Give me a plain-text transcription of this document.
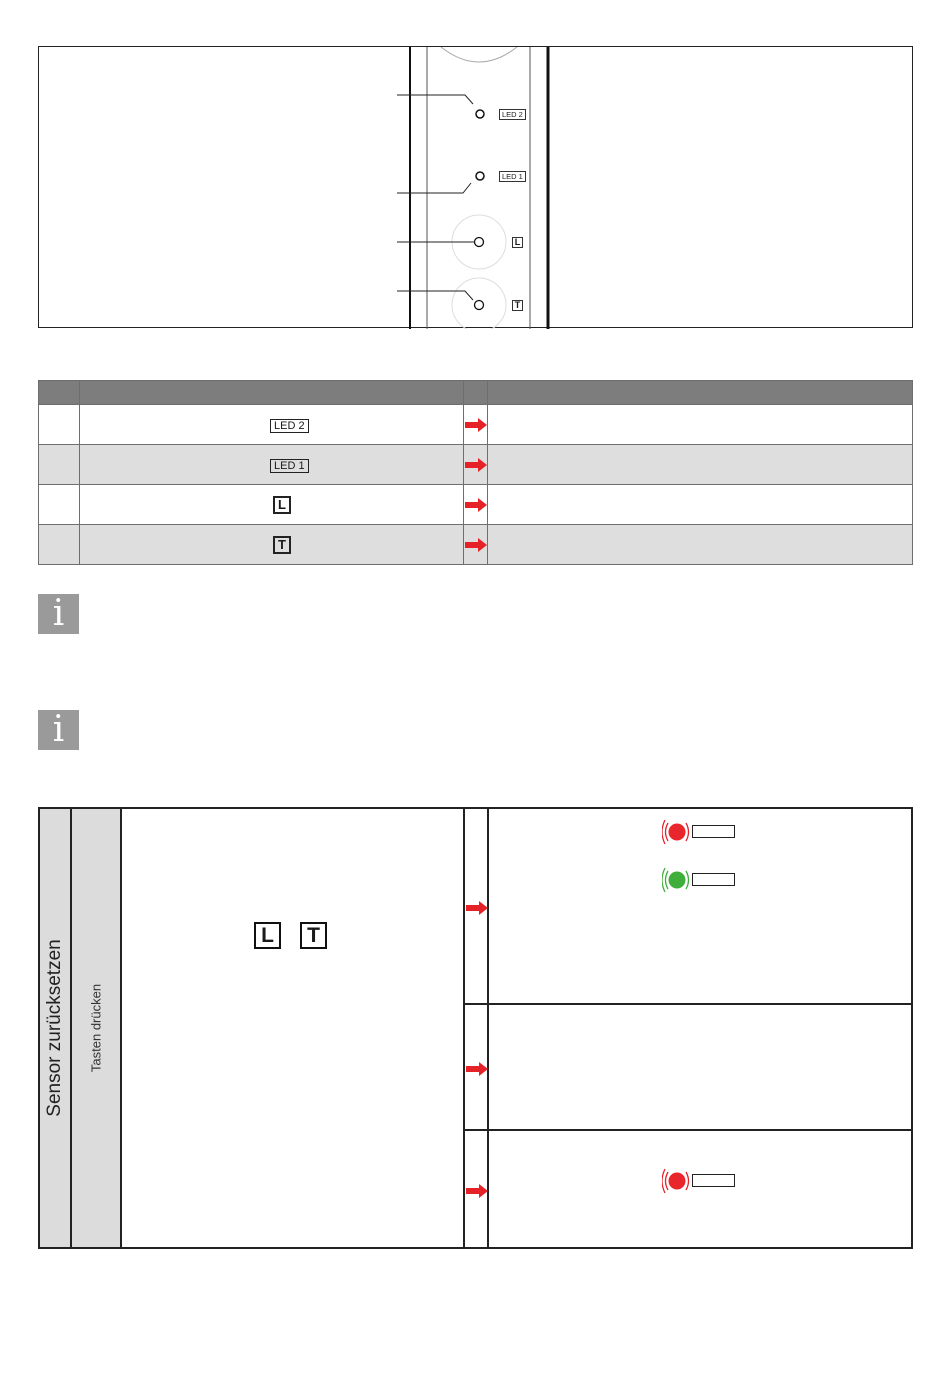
LED 2
LED 1
L
T

	LED 2	

	LED 1	

	L	

	T	

i
i
Sensor zurücksetzen Tasten drücken
L T
